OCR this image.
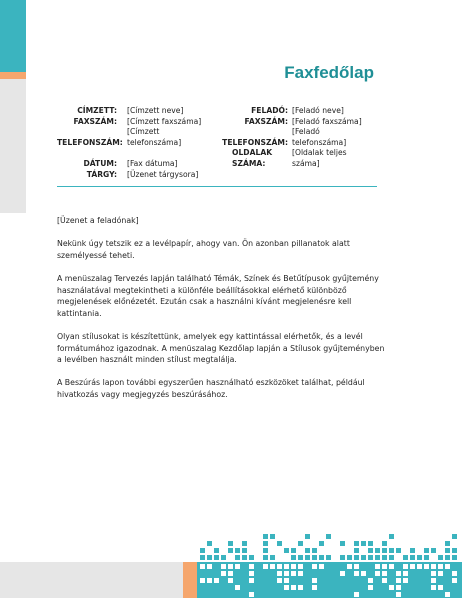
Faxfedőlap
CÍMZETT: [Címzett neve]
FAXSZÁM: [Címzett faxszáma]
TELEFONSZÁM:
[Címzett telefonszáma]
DÁTUM: [Fax dátuma]
TÁRGY: [Üzenet tárgysora]
FELADÓ: [Feladó neve]
FAXSZÁM: [Feladó faxszáma]
TELEFONSZÁM:
[Feladó telefonszáma]
OLDALAK SZÁMA:
[Oldalak teljes száma]

[Üzenet a feladónak]

Nekünk úgy tetszik ez a levélpapír, ahogy van. Ön azonban pillanatok alatt személyessé teheti.

A menüszalag Tervezés lapján található Témák, Színek és Betűtípusok gyűjtemény használatával megtekintheti a különféle beállításokkal elérhető különböző megjelenések előnézetét. Ezután csak a használni kívánt megjelenésre kell kattintania.

Olyan stílusokat is készítettünk, amelyek egy kattintással elérhetők, és a levél formátumához igazodnak. A menüszalag Kezdőlap lapján a Stílusok gyűjteményben a levélben használt minden stílust megtalálja.

A Beszúrás lapon további egyszerűen használható eszközöket találhat, például hivatkozás vagy megjegyzés beszúrásához.
